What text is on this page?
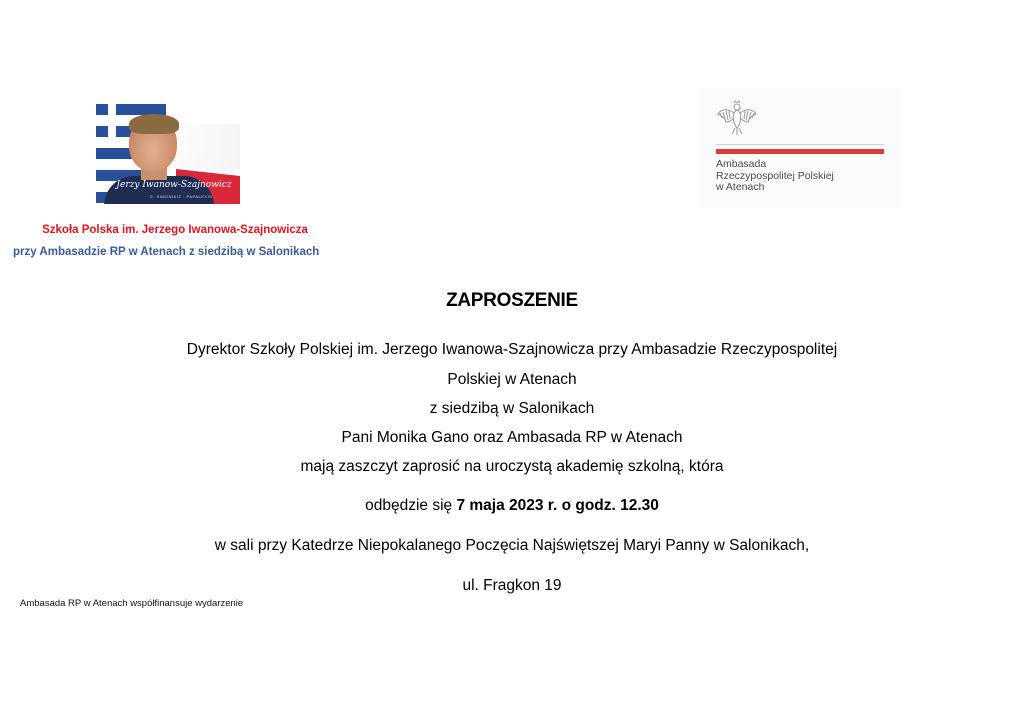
Jerzy Iwanow-Szajnowicz
G. SIMONIKIZ · PAPALEXIS
Szkoła Polska im. Jerzego Iwanowa-Szajnowicza
przy Ambasadzie RP w Atenach z siedzibą w Salonikach
Ambasada
Rzeczypospolitej Polskiej
w Atenach
ZAPROSZENIE
Dyrektor Szkoły Polskiej im. Jerzego Iwanowa-Szajnowicza przy Ambasadzie Rzeczypospolitej
Polskiej w Atenach
z siedzibą w Salonikach
Pani Monika Gano oraz Ambasada RP w Atenach
mają zaszczyt zaprosić na uroczystą akademię szkolną, która
odbędzie się 7 maja 2023 r. o godz. 12.30
w sali przy Katedrze Niepokalanego Poczęcia Najświętszej Maryi Panny w Salonikach,
ul. Fragkon 19
Ambasada RP w Atenach współfinansuje wydarzenie
